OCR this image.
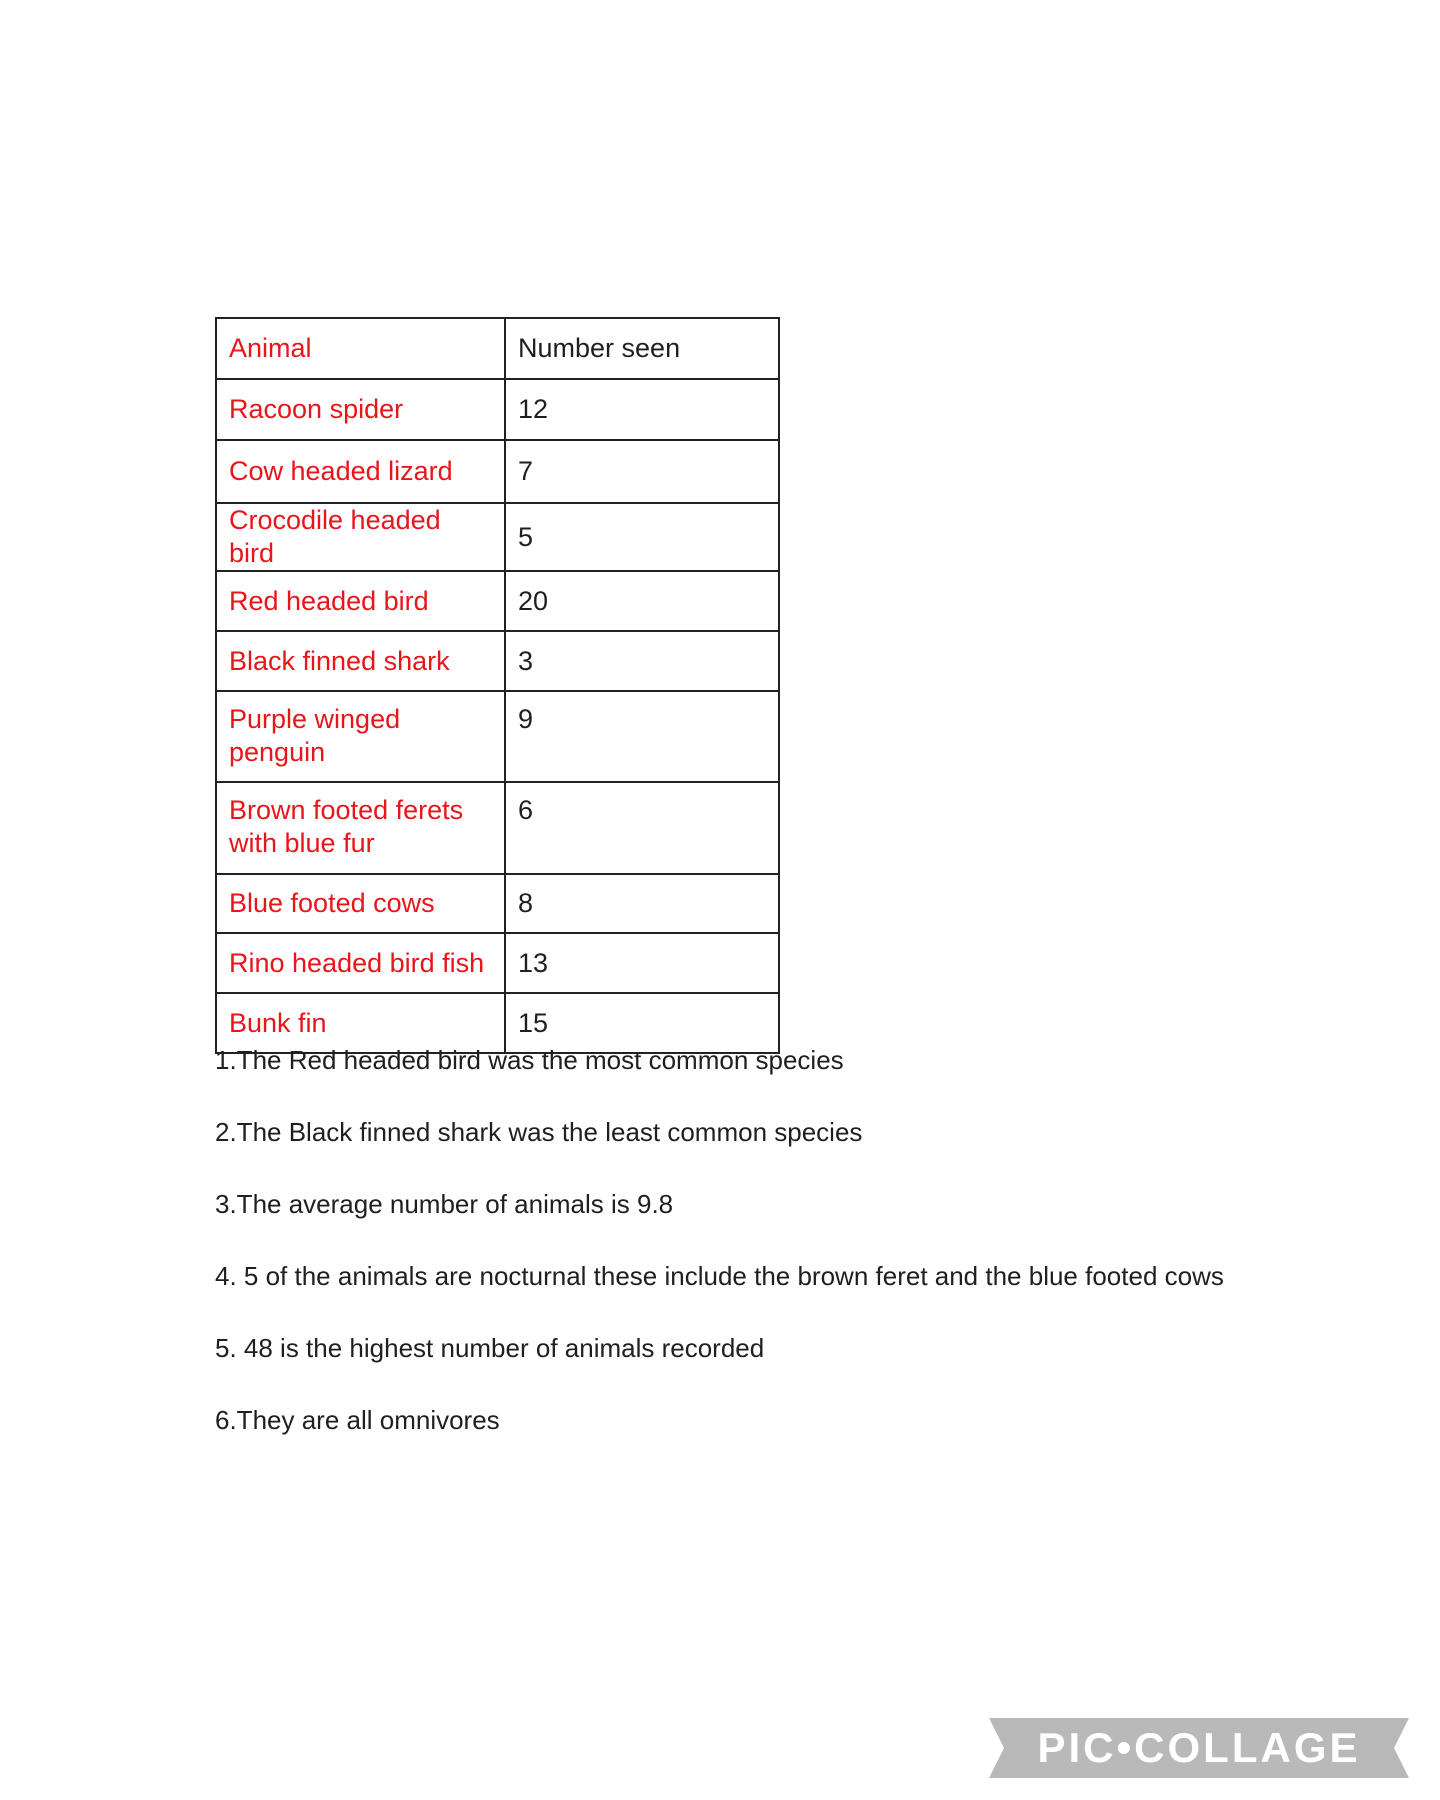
Animal	Number seen
Racoon spider	12
Cow headed lizard	7
Crocodile headed bird	5
Red headed bird	20
Black finned shark	3
Purple winged penguin	9
Brown footed ferets with blue fur	6
Blue footed cows	8
Rino headed bird fish	13
Bunk fin	15
1.The Red headed bird was the most common species
2.The Black finned shark was the least common species
3.The average number of animals is 9.8
4. 5 of the animals are nocturnal these include the brown feret and the blue footed cows
5. 48 is the highest number of animals recorded
6.They are all omnivores
PIC•COLLAGE
